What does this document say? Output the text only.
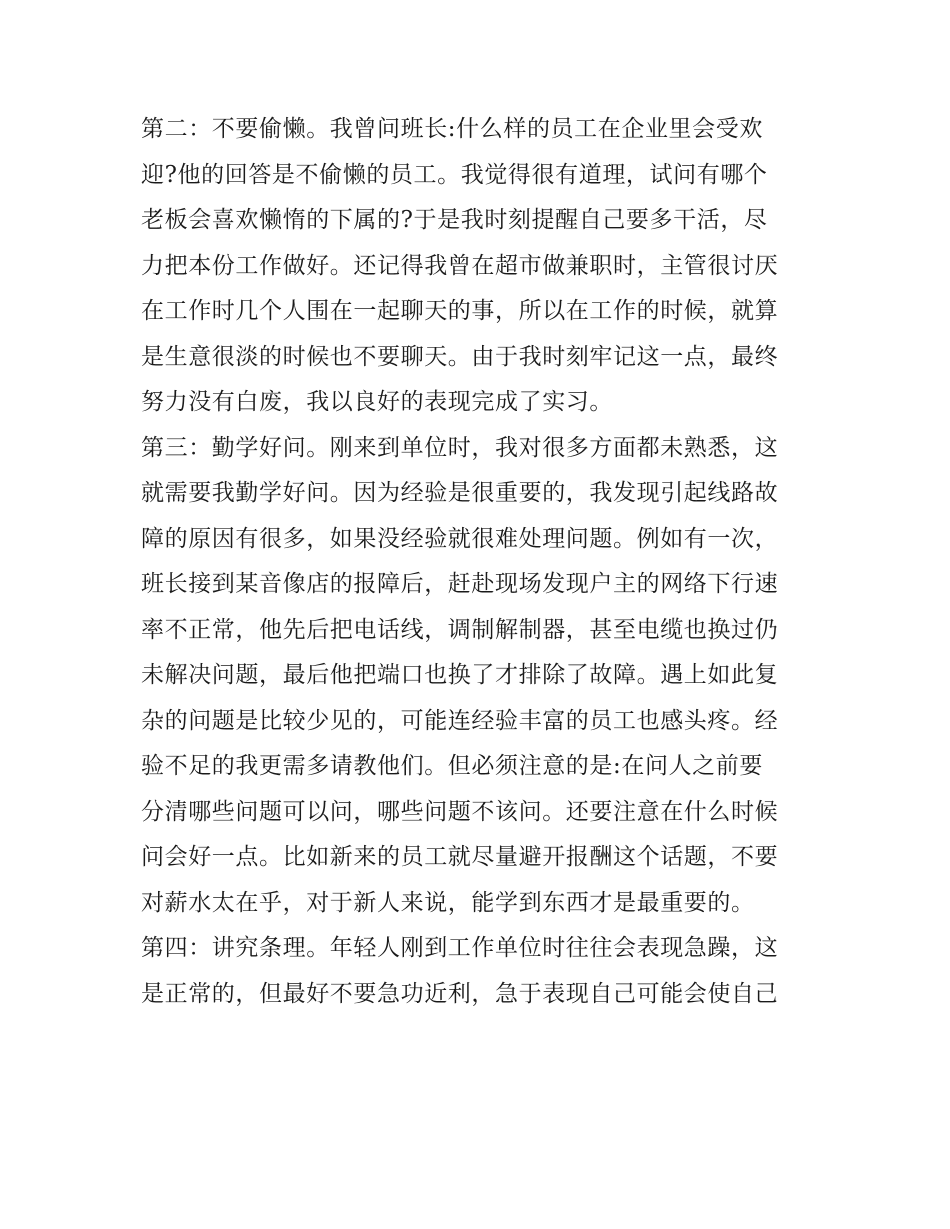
第二：不要偷懒。我曾问班长:什么样的员工在企业里会受欢
迎?他的回答是不偷懒的员工。我觉得很有道理，试问有哪个
老板会喜欢懒惰的下属的?于是我时刻提醒自己要多干活，尽
力把本份工作做好。还记得我曾在超市做兼职时，主管很讨厌
在工作时几个人围在一起聊天的事，所以在工作的时候，就算
是生意很淡的时候也不要聊天。由于我时刻牢记这一点，最终
努力没有白废，我以良好的表现完成了实习。
第三：勤学好问。刚来到单位时，我对很多方面都未熟悉，这
就需要我勤学好问。因为经验是很重要的，我发现引起线路故
障的原因有很多，如果没经验就很难处理问题。例如有一次，
班长接到某音像店的报障后，赶赴现场发现户主的网络下行速
率不正常，他先后把电话线，调制解制器，甚至电缆也换过仍
未解决问题，最后他把端口也换了才排除了故障。遇上如此复
杂的问题是比较少见的，可能连经验丰富的员工也感头疼。经
验不足的我更需多请教他们。但必须注意的是:在问人之前要
分清哪些问题可以问，哪些问题不该问。还要注意在什么时候
问会好一点。比如新来的员工就尽量避开报酬这个话题，不要
对薪水太在乎，对于新人来说，能学到东西才是最重要的。
第四：讲究条理。年轻人刚到工作单位时往往会表现急躁，这
是正常的，但最好不要急功近利，急于表现自己可能会使自己
